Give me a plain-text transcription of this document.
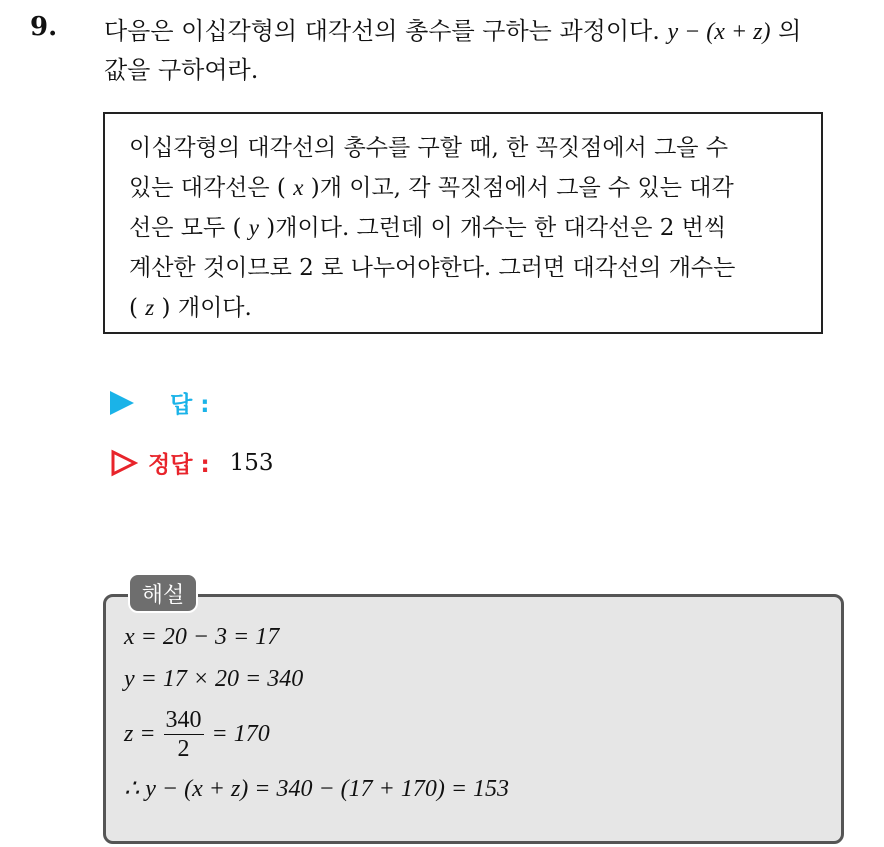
9. 다음은 이십각형의 대각선의 총수를 구하는 과정이다. y − (x + z) 의
값을 구하여라.
이십각형의 대각선의 총수를 구할 때, 한 꼭짓점에서 그을 수
있는 대각선은 ( x )개 이고, 각 꼭짓점에서 그을 수 있는 대각
선은 모두 ( y )개이다. 그런데 이 개수는 한 대각선은 2 번씩
계산한 것이므로 2 로 나누어야한다. 그러면 대각선의 개수는
( z ) 개이다.
답 :
정답 : 153
해설
x = 20 − 3 = 17
y = 17 × 20 = 340
$z = \frac{340}{2} = 170$
∴ y − (x + z) = 340 − (17 + 170) = 153
